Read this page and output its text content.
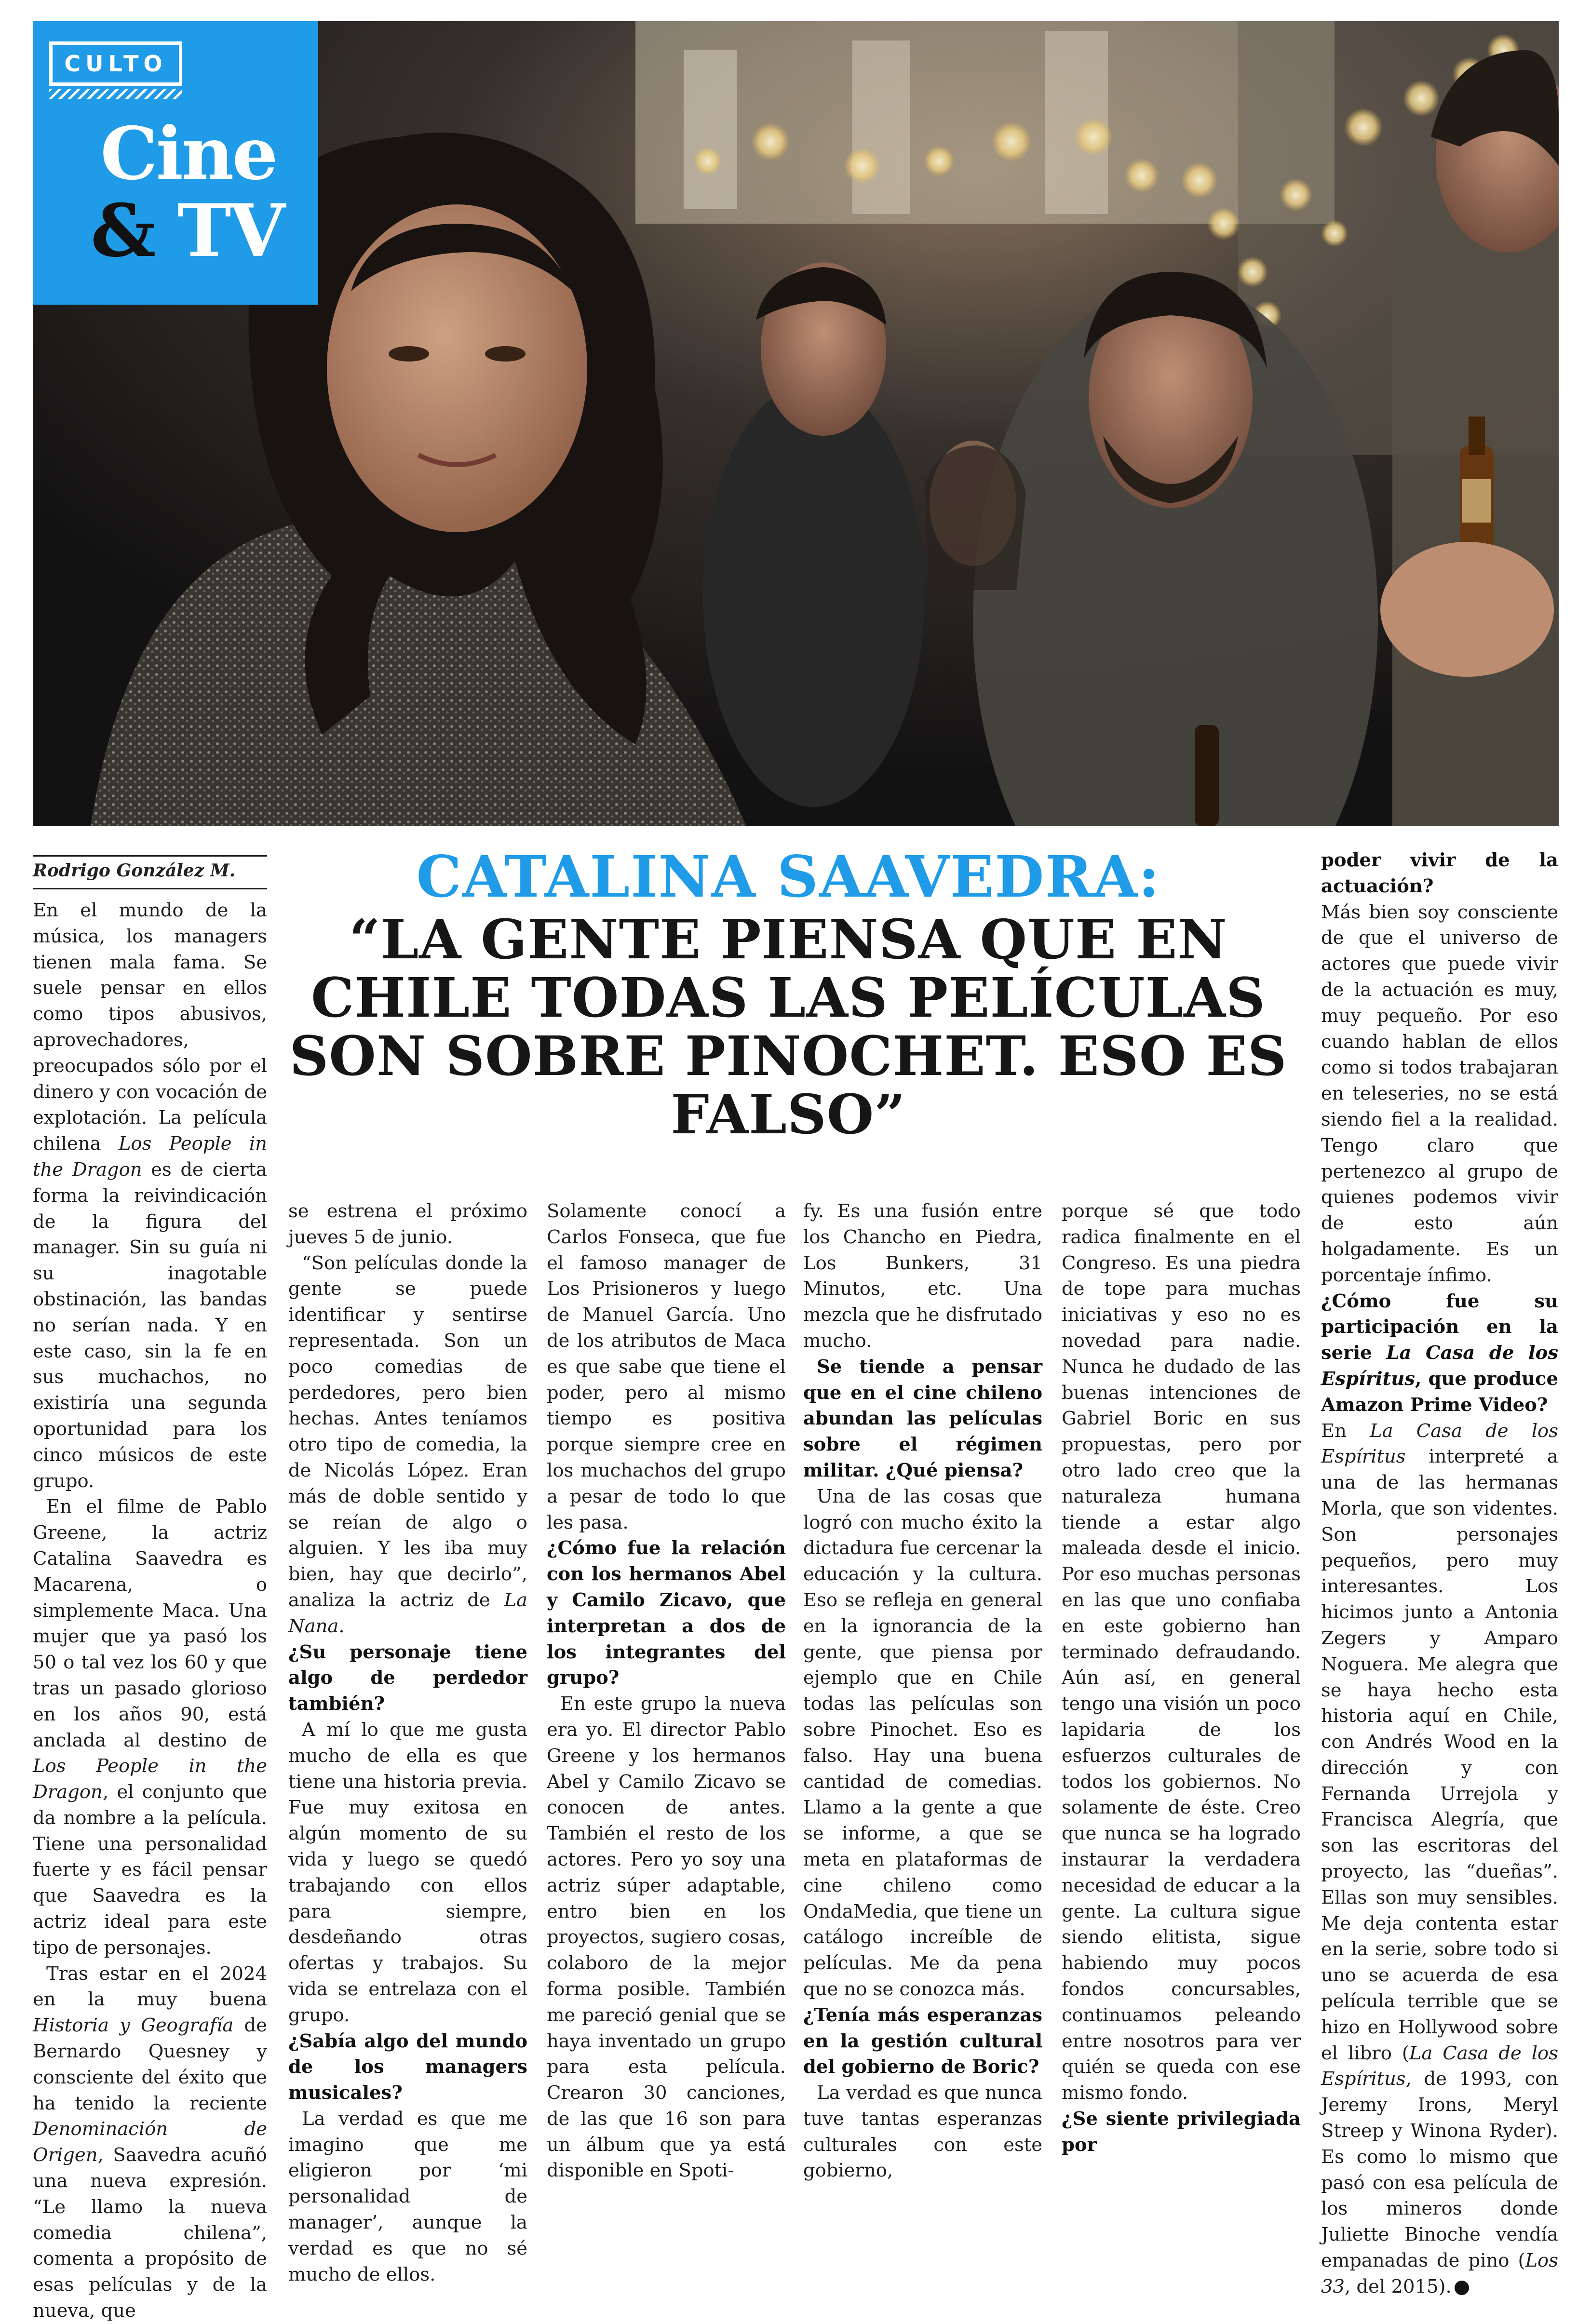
CULTO
Cine
& TV
Rodrigo González M.	CATALINA SAAVEDRA:
“LA GENTE PIENSA QUE EN CHILE TODAS LAS PELÍCULAS SON SOBRE PINOCHET. ESO ES FALSO”

En el mundo de la música, los managers tienen mala fama. Se suele pensar en ellos como tipos abusivos, aprovechadores, preocupados sólo por el dinero y con vocación de explotación. La película chilena Los People in the Dragon es de cierta forma la reivindicación de la figura del manager. Sin su guía ni su inagotable obstinación, las bandas no serían nada. Y en este caso, sin la fe en sus muchachos, no existiría una segunda oportunidad para los cinco músicos de este grupo.

En el filme de Pablo Greene, la actriz Catalina Saavedra es Macarena, o simplemente Maca. Una mujer que ya pasó los 50 o tal vez los 60 y que tras un pasado glorioso en los años 90, está anclada al destino de Los People in the Dragon, el conjunto que da nombre a la película. Tiene una personalidad fuerte y es fácil pensar que Saavedra es la actriz ideal para este tipo de personajes.

Tras estar en el 2024 en la muy buena Historia y Geografía de Bernardo Quesney y consciente del éxito que ha tenido la reciente Denominación de Origen, Saavedra acuñó una nueva expresión. “Le llamo la nueva comedia chilena”, comenta a propósito de esas películas y de la nueva, que

se estrena el próximo jueves 5 de junio.

“Son películas donde la gente se puede identificar y sentirse representada. Son un poco comedias de perdedores, pero bien hechas. Antes teníamos otro tipo de comedia, la de Nicolás López. Eran más de doble sentido y se reían de algo o alguien. Y les iba muy bien, hay que decirlo”, analiza la actriz de La Nana.

¿Su personaje tiene algo de perdedor también?

A mí lo que me gusta mucho de ella es que tiene una historia previa. Fue muy exitosa en algún momento de su vida y luego se quedó trabajando con ellos para siempre, desdeñando otras ofertas y trabajos. Su vida se entrelaza con el grupo.

¿Sabía algo del mundo de los managers musicales?

La verdad es que me imagino que me eligieron por ‘mi personalidad de manager’, aunque la verdad es que no sé mucho de ellos.

Solamente conocí a Carlos Fonseca, que fue el famoso manager de Los Prisioneros y luego de Manuel García. Uno de los atributos de Maca es que sabe que tiene el poder, pero al mismo tiempo es positiva porque siempre cree en los muchachos del grupo a pesar de todo lo que les pasa.

¿Cómo fue la relación con los hermanos Abel y Camilo Zicavo, que interpretan a dos de los integrantes del grupo?

En este grupo la nueva era yo. El director Pablo Greene y los hermanos Abel y Camilo Zicavo se conocen de antes. También el resto de los actores. Pero yo soy una actriz súper adaptable, entro bien en los proyectos, sugiero cosas, colaboro de la mejor forma posible. También me pareció genial que se haya inventado un grupo para esta película. Crearon 30 canciones, de las que 16 son para un álbum que ya está disponible en Spoti-

fy. Es una fusión entre los Chancho en Piedra, Los Bunkers, 31 Minutos, etc. Una mezcla que he disfrutado mucho.

Se tiende a pensar que en el cine chileno abundan las películas sobre el régimen militar. ¿Qué piensa?

Una de las cosas que logró con mucho éxito la dictadura fue cercenar la educación y la cultura. Eso se refleja en general en la ignorancia de la gente, que piensa por ejemplo que en Chile todas las películas son sobre Pinochet. Eso es falso. Hay una buena cantidad de comedias. Llamo a la gente a que se informe, a que se meta en plataformas de cine chileno como OndaMedia, que tiene un catálogo increíble de películas. Me da pena que no se conozca más.

¿Tenía más esperanzas en la gestión cultural del gobierno de Boric?

La verdad es que nunca tuve tantas esperanzas culturales con este gobierno,

porque sé que todo radica finalmente en el Congreso. Es una piedra de tope para muchas iniciativas y eso no es novedad para nadie. Nunca he dudado de las buenas intenciones de Gabriel Boric en sus propuestas, pero por otro lado creo que la naturaleza humana tiende a estar algo maleada desde el inicio. Por eso muchas personas en las que uno confiaba en este gobierno han terminado defraudando. Aún así, en general tengo una visión un poco lapidaria de los esfuerzos culturales de todos los gobiernos. No solamente de éste. Creo que nunca se ha logrado instaurar la verdadera necesidad de educar a la gente. La cultura sigue siendo elitista, sigue habiendo muy pocos fondos concursables, continuamos peleando entre nosotros para ver quién se queda con ese mismo fondo.

¿Se siente privilegiada por

poder vivir de la actuación?

Más bien soy consciente de que el universo de actores que puede vivir de la actuación es muy, muy pequeño. Por eso cuando hablan de ellos como si todos trabajaran en teleseries, no se está siendo fiel a la realidad. Tengo claro que pertenezco al grupo de quienes podemos vivir de esto aún holgadamente. Es un porcentaje ínfimo.

¿Cómo fue su participación en la serie La Casa de los Espíritus, que produce Amazon Prime Video?

En La Casa de los Espíritus interpreté a una de las hermanas Morla, que son videntes. Son personajes pequeños, pero muy interesantes. Los hicimos junto a Antonia Zegers y Amparo Noguera. Me alegra que se haya hecho esta historia aquí en Chile, con Andrés Wood en la dirección y con Fernanda Urrejola y Francisca Alegría, que son las escritoras del proyecto, las “dueñas”. Ellas son muy sensibles. Me deja contenta estar en la serie, sobre todo si uno se acuerda de esa película terrible que se hizo en Hollywood sobre el libro (La Casa de los Espíritus, de 1993, con Jeremy Irons, Meryl Streep y Winona Ryder). Es como lo mismo que pasó con esa película de los mineros donde Juliette Binoche vendía empanadas de pino (Los 33, del 2015).
